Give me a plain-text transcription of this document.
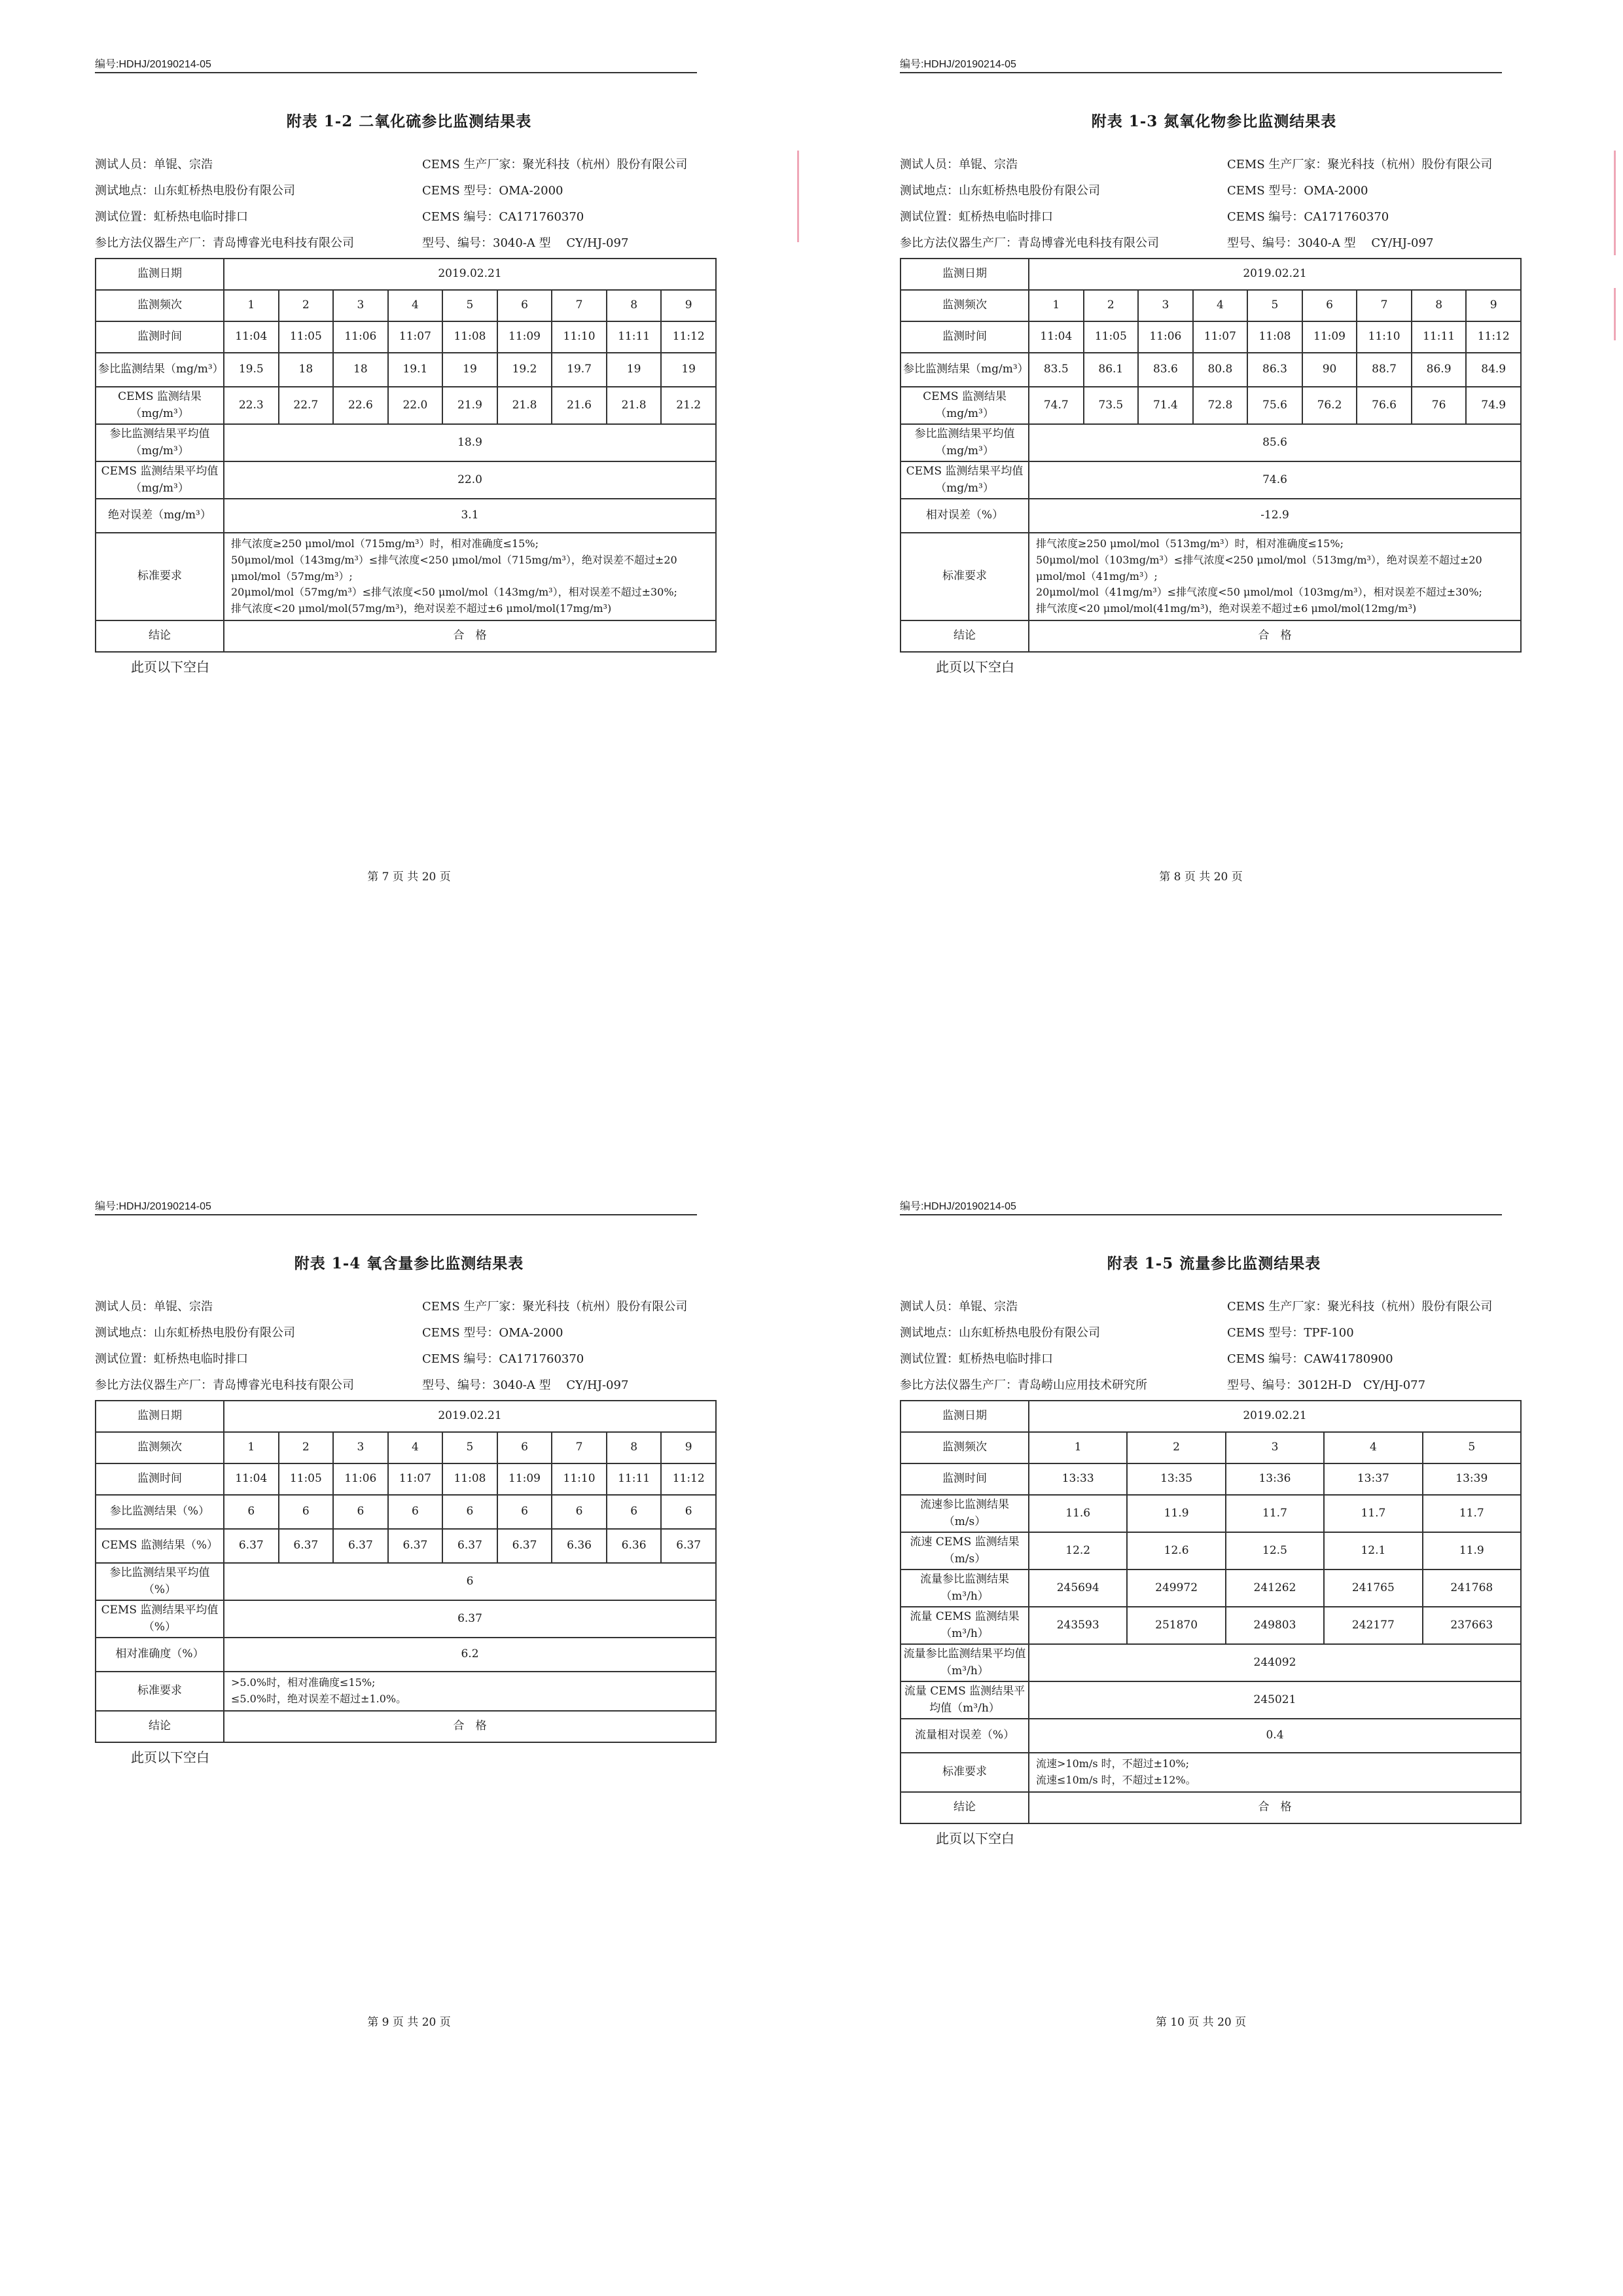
编号:HDHJ/20190214-05
附表 1-2 二氧化硫参比监测结果表
测试人员：单锟、宗浩	CEMS 生产厂家：聚光科技（杭州）股份有限公司
测试地点：山东虹桥热电股份有限公司	CEMS 型号：OMA-2000
测试位置：虹桥热电临时排口	CEMS 编号：CA171760370
参比方法仪器生产厂：青岛博睿光电科技有限公司	型号、编号：3040-A 型　 CY/HJ-097
监测日期	2019.02.21								
监测频次	1	2	3	4	5	6	7	8	9
监测时间	11:04	11:05	11:06	11:07	11:08	11:09	11:10	11:11	11:12
参比监测结果（mg/m³）	19.5	18	18	19.1	19	19.2	19.7	19	19
CEMS 监测结果（mg/m³）	22.3	22.7	22.6	22.0	21.9	21.8	21.6	21.8	21.2
参比监测结果平均值（mg/m³）	18.9								
CEMS 监测结果平均值（mg/m³）	22.0								
绝对误差（mg/m³）	3.1								
标准要求	排气浓度≥250 μmol/mol（715mg/m³）时，相对准确度≤15%;
50μmol/mol（143mg/m³）≤排气浓度<250 μmol/mol（715mg/m³），绝对误差不超过±20 μmol/mol（57mg/m³）;
20μmol/mol（57mg/m³）≤排气浓度<50 μmol/mol（143mg/m³），相对误差不超过±30%;
排气浓度<20 μmol/mol(57mg/m³)，绝对误差不超过±6 μmol/mol(17mg/m³)								

结论	合　格								
此页以下空白
第 7 页 共 20 页
编号:HDHJ/20190214-05
附表 1-3 氮氧化物参比监测结果表
测试人员：单锟、宗浩	CEMS 生产厂家：聚光科技（杭州）股份有限公司
测试地点：山东虹桥热电股份有限公司	CEMS 型号：OMA-2000
测试位置：虹桥热电临时排口	CEMS 编号：CA171760370
参比方法仪器生产厂：青岛博睿光电科技有限公司	型号、编号：3040-A 型　 CY/HJ-097
监测日期	2019.02.21								
监测频次	1	2	3	4	5	6	7	8	9
监测时间	11:04	11:05	11:06	11:07	11:08	11:09	11:10	11:11	11:12
参比监测结果（mg/m³）	83.5	86.1	83.6	80.8	86.3	90	88.7	86.9	84.9
CEMS 监测结果（mg/m³）	74.7	73.5	71.4	72.8	75.6	76.2	76.6	76	74.9
参比监测结果平均值（mg/m³）	85.6								
CEMS 监测结果平均值（mg/m³）	74.6								
相对误差（%）	-12.9								
标准要求	排气浓度≥250 μmol/mol（513mg/m³）时，相对准确度≤15%;
50μmol/mol（103mg/m³）≤排气浓度<250 μmol/mol（513mg/m³），绝对误差不超过±20 μmol/mol（41mg/m³）;
20μmol/mol（41mg/m³）≤排气浓度<50 μmol/mol（103mg/m³），相对误差不超过±30%;
排气浓度<20 μmol/mol(41mg/m³)，绝对误差不超过±6 μmol/mol(12mg/m³)								

结论	合　格								
此页以下空白
第 8 页 共 20 页
编号:HDHJ/20190214-05
附表 1-4 氧含量参比监测结果表
测试人员：单锟、宗浩	CEMS 生产厂家：聚光科技（杭州）股份有限公司
测试地点：山东虹桥热电股份有限公司	CEMS 型号：OMA-2000
测试位置：虹桥热电临时排口	CEMS 编号：CA171760370
参比方法仪器生产厂：青岛博睿光电科技有限公司	型号、编号：3040-A 型　 CY/HJ-097
监测日期	2019.02.21								
监测频次	1	2	3	4	5	6	7	8	9
监测时间	11:04	11:05	11:06	11:07	11:08	11:09	11:10	11:11	11:12
参比监测结果（%）	6	6	6	6	6	6	6	6	6
CEMS 监测结果（%）	6.37	6.37	6.37	6.37	6.37	6.37	6.36	6.36	6.37
参比监测结果平均值（%）	6								
CEMS 监测结果平均值（%）	6.37								
相对准确度（%）	6.2								
标准要求	>5.0%时，相对准确度≤15%;
≤5.0%时，绝对误差不超过±1.0%。								

结论	合　格								
此页以下空白
第 9 页 共 20 页
编号:HDHJ/20190214-05
附表 1-5 流量参比监测结果表
测试人员：单锟、宗浩	CEMS 生产厂家：聚光科技（杭州）股份有限公司
测试地点：山东虹桥热电股份有限公司	CEMS 型号：TPF-100
测试位置：虹桥热电临时排口	CEMS 编号：CAW41780900
参比方法仪器生产厂：青岛崂山应用技术研究所	型号、编号：3012H-D　CY/HJ-077
监测日期	2019.02.21				
监测频次	1	2	3	4	5
监测时间	13:33	13:35	13:36	13:37	13:39
流速参比监测结果（m/s）	11.6	11.9	11.7	11.7	11.7
流速 CEMS 监测结果（m/s）	12.2	12.6	12.5	12.1	11.9
流量参比监测结果（m³/h）	245694	249972	241262	241765	241768
流量 CEMS 监测结果（m³/h）	243593	251870	249803	242177	237663
流量参比监测结果平均值（m³/h）	244092				
流量 CEMS 监测结果平均值（m³/h）	245021				
流量相对误差（%）	0.4				
标准要求	流速>10m/s 时，不超过±10%;
流速≤10m/s 时，不超过±12%。				

结论	合　格				
此页以下空白
第 10 页 共 20 页
